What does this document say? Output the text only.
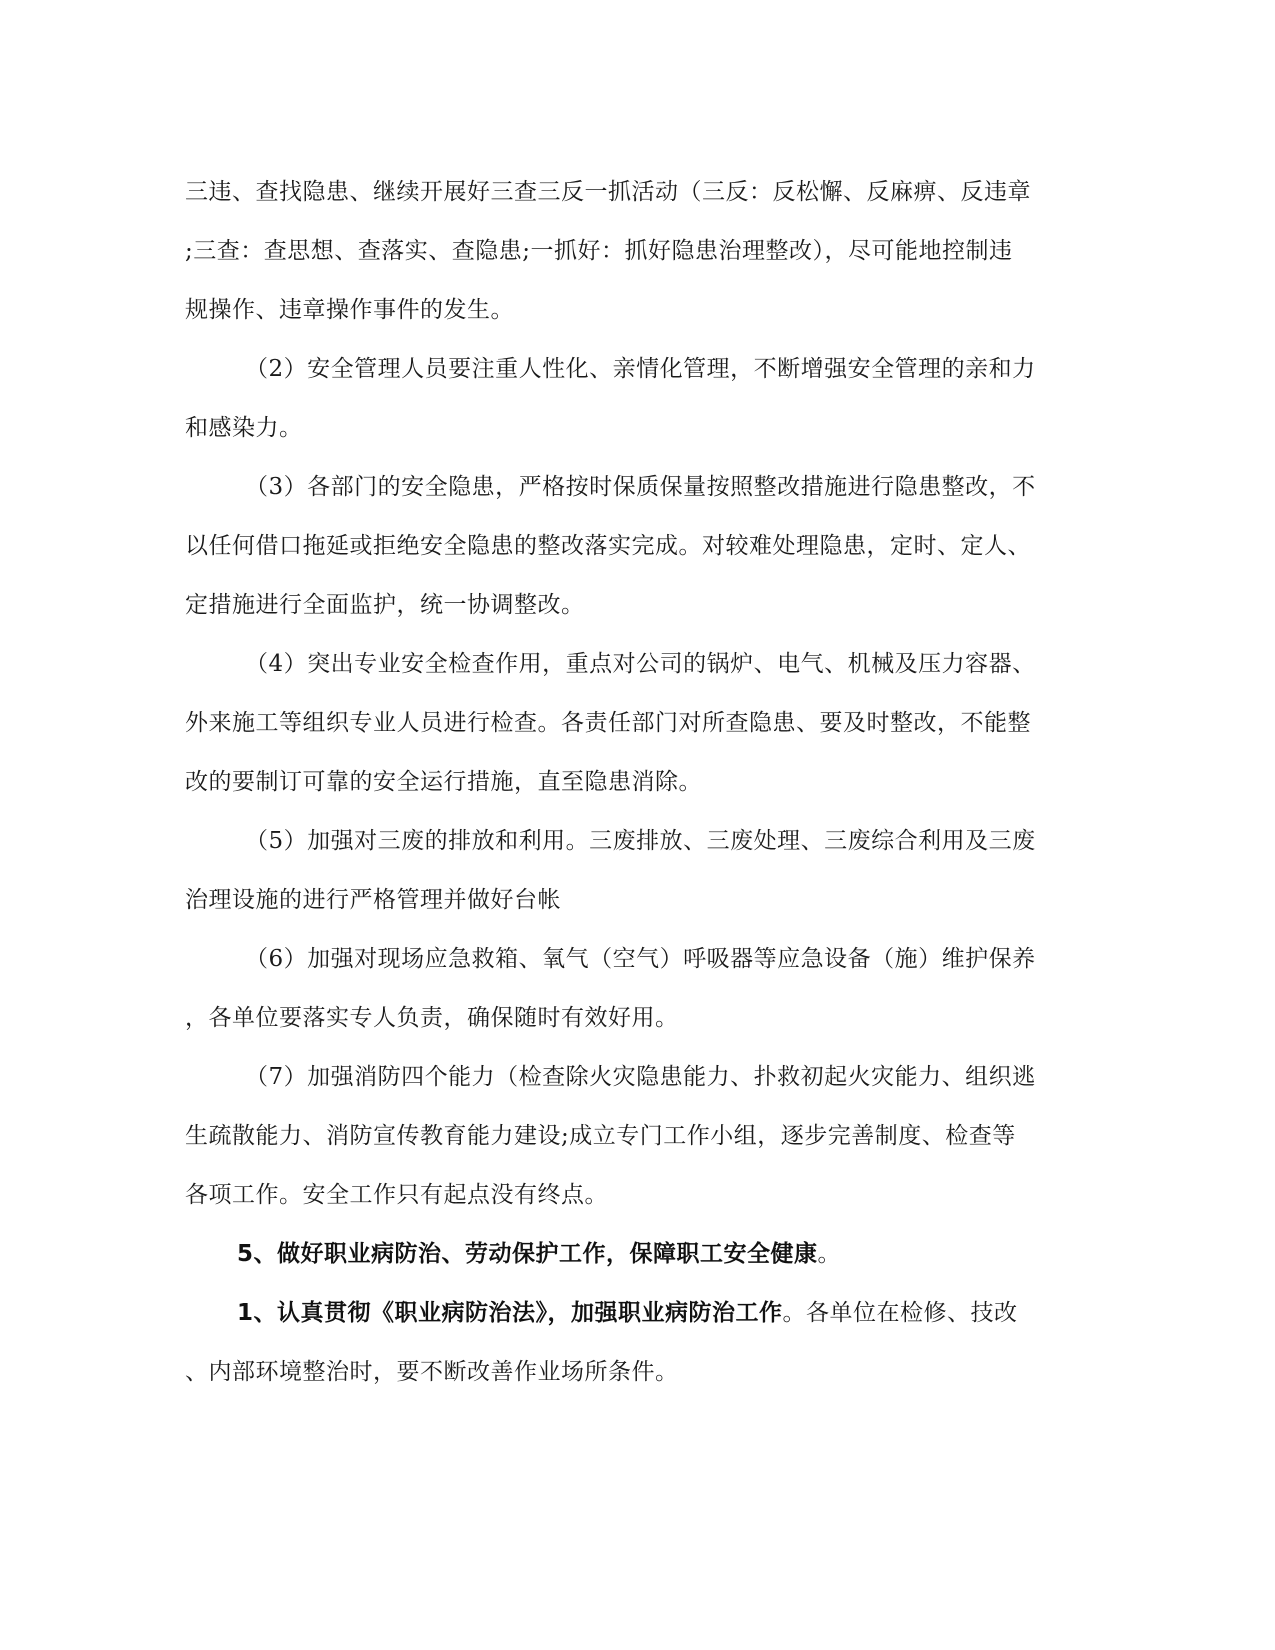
三违、查找隐患、继续开展好三查三反一抓活动（三反：反松懈、反麻痹、反违章
;三查：查思想、查落实、查隐患;一抓好：抓好隐患治理整改），尽可能地控制违
规操作、违章操作事件的发生。
（2）安全管理人员要注重人性化、亲情化管理，不断增强安全管理的亲和力
和感染力。
（3）各部门的安全隐患，严格按时保质保量按照整改措施进行隐患整改，不
以任何借口拖延或拒绝安全隐患的整改落实完成。对较难处理隐患，定时、定人、
定措施进行全面监护，统一协调整改。
（4）突出专业安全检查作用，重点对公司的锅炉、电气、机械及压力容器、
外来施工等组织专业人员进行检查。各责任部门对所查隐患、要及时整改，不能整
改的要制订可靠的安全运行措施，直至隐患消除。
（5）加强对三废的排放和利用。三废排放、三废处理、三废综合利用及三废
治理设施的进行严格管理并做好台帐
（6）加强对现场应急救箱、氧气（空气）呼吸器等应急设备（施）维护保养
，各单位要落实专人负责，确保随时有效好用。
（7）加强消防四个能力（检查除火灾隐患能力、扑救初起火灾能力、组织逃
生疏散能力、消防宣传教育能力建设;成立专门工作小组，逐步完善制度、检查等
各项工作。安全工作只有起点没有终点。
5、做好职业病防治、劳动保护工作，保障职工安全健康。
1、认真贯彻《职业病防治法》，加强职业病防治工作。各单位在检修、技改
、内部环境整治时，要不断改善作业场所条件。
